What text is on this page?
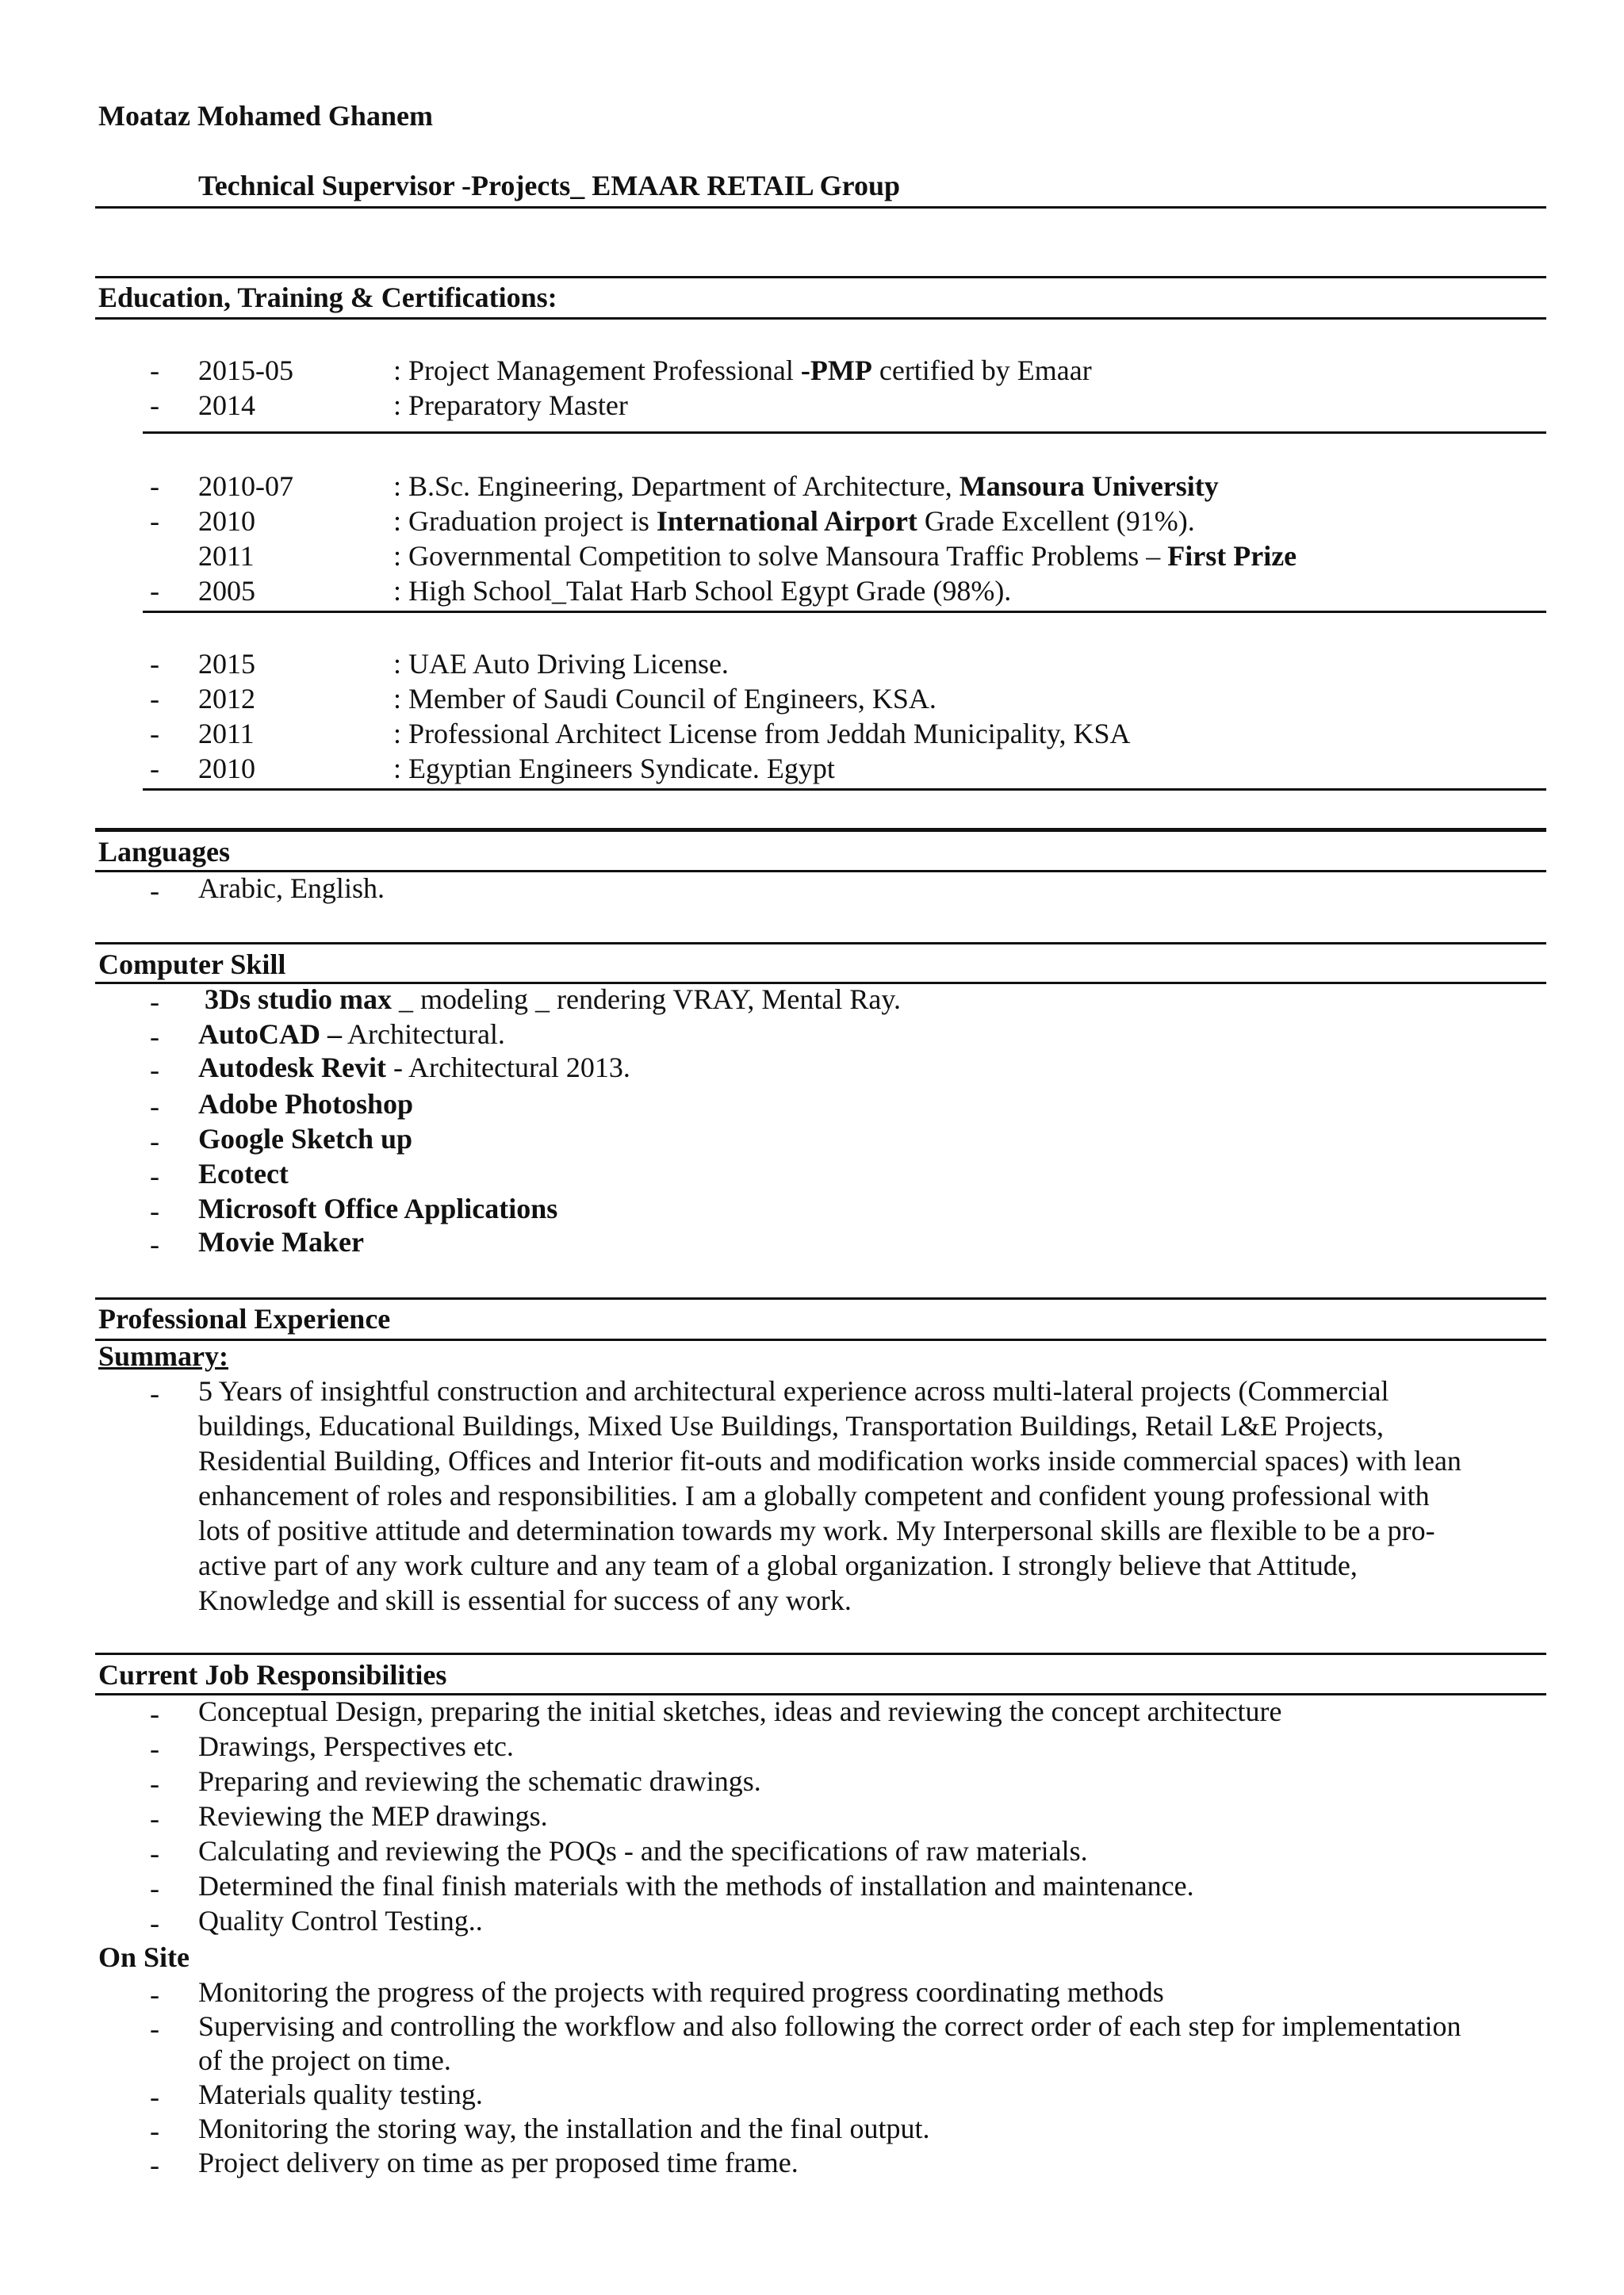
Moataz Mohamed Ghanem
Technical Supervisor -Projects_ EMAAR RETAIL Group
Education, Training & Certifications:
- 2015-05	: Project Management Professional -PMP certified by Emaar
- 2014	: Preparatory Master
- 2010-07	: B.Sc. Engineering, Department of Architecture, Mansoura University
- 2010	: Graduation project is International Airport Grade Excellent (91%).
2011	: Governmental Competition to solve Mansoura Traffic Problems – First Prize
- 2005	: High School_Talat Harb School Egypt Grade (98%).
- 2015	: UAE Auto Driving License.
- 2012	: Member of Saudi Council of Engineers, KSA.
- 2011	: Professional Architect License from Jeddah Municipality, KSA
- 2010	: Egyptian Engineers Syndicate. Egypt
Languages
- Arabic, English.
Computer Skill
- 3Ds studio max _ modeling _ rendering VRAY, Mental Ray.
- AutoCAD – Architectural.
- Autodesk Revit - Architectural 2013.
- Adobe Photoshop
- Google Sketch up
- Ecotect
- Microsoft Office Applications
- Movie Maker
Professional Experience
Summary:
- 5 Years of insightful construction and architectural experience across multi-lateral projects (Commercial
buildings, Educational Buildings, Mixed Use Buildings, Transportation Buildings, Retail L&E Projects,
Residential Building, Offices and Interior fit-outs and modification works inside commercial spaces) with lean
enhancement of roles and responsibilities. I am a globally competent and confident young professional with
lots of positive attitude and determination towards my work. My Interpersonal skills are flexible to be a pro-
active part of any work culture and any team of a global organization. I strongly believe that Attitude,
Knowledge and skill is essential for success of any work.
Current Job Responsibilities
- Conceptual Design, preparing the initial sketches, ideas and reviewing the concept architecture
- Drawings, Perspectives etc.
- Preparing and reviewing the schematic drawings.
- Reviewing the MEP drawings.
- Calculating and reviewing the POQs - and the specifications of raw materials.
- Determined the final finish materials with the methods of installation and maintenance.
- Quality Control Testing..
On Site
- Monitoring the progress of the projects with required progress coordinating methods
- Supervising and controlling the workflow and also following the correct order of each step for implementation
of the project on time.
- Materials quality testing.
- Monitoring the storing way, the installation and the final output.
- Project delivery on time as per proposed time frame.
